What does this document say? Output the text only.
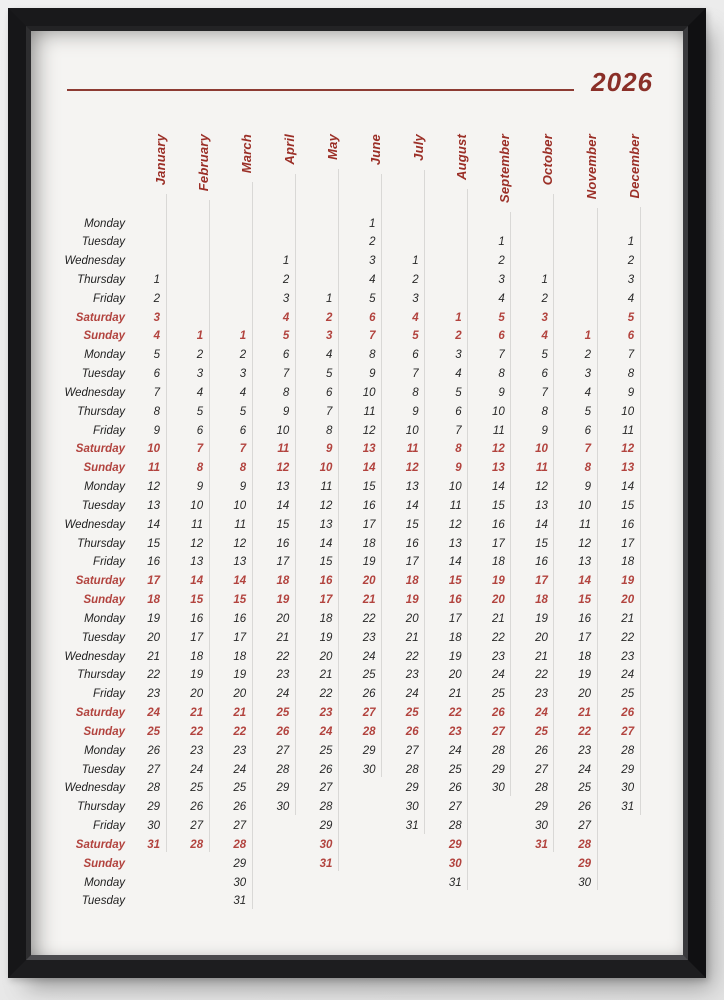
2026
Monday
Tuesday
Wednesday
Thursday
Friday
Saturday
Sunday
Monday
Tuesday
Wednesday
Thursday
Friday
Saturday
Sunday
Monday
Tuesday
Wednesday
Thursday
Friday
Saturday
Sunday
Monday
Tuesday
Wednesday
Thursday
Friday
Saturday
Sunday
Monday
Tuesday
Wednesday
Thursday
Friday
Saturday
Sunday
Monday
Tuesday
January
1
2
3
4
5
6
7
8
9
10
11
12
13
14
15
16
17
18
19
20
21
22
23
24
25
26
27
28
29
30
31
February
1
2
3
4
5
6
7
8
9
10
11
12
13
14
15
16
17
18
19
20
21
22
23
24
25
26
27
28
March
1
2
3
4
5
6
7
8
9
10
11
12
13
14
15
16
17
18
19
20
21
22
23
24
25
26
27
28
29
30
31
April
1
2
3
4
5
6
7
8
9
10
11
12
13
14
15
16
17
18
19
20
21
22
23
24
25
26
27
28
29
30
May
1
2
3
4
5
6
7
8
9
10
11
12
13
14
15
16
17
18
19
20
21
22
23
24
25
26
27
28
29
30
31
June
1
2
3
4
5
6
7
8
9
10
11
12
13
14
15
16
17
18
19
20
21
22
23
24
25
26
27
28
29
30
July
1
2
3
4
5
6
7
8
9
10
11
12
13
14
15
16
17
18
19
20
21
22
23
24
25
26
27
28
29
30
31
August
1
2
3
4
5
6
7
8
9
10
11
12
13
14
15
16
17
18
19
20
21
22
23
24
25
26
27
28
29
30
31
September
1
2
3
4
5
6
7
8
9
10
11
12
13
14
15
16
17
18
19
20
21
22
23
24
25
26
27
28
29
30
October
1
2
3
4
5
6
7
8
9
10
11
12
13
14
15
16
17
18
19
20
21
22
23
24
25
26
27
28
29
30
31
November
1
2
3
4
5
6
7
8
9
10
11
12
13
14
15
16
17
18
19
20
21
22
23
24
25
26
27
28
29
30
December
1
2
3
4
5
6
7
8
9
10
11
12
13
14
15
16
17
18
19
20
21
22
23
24
25
26
27
28
29
30
31
